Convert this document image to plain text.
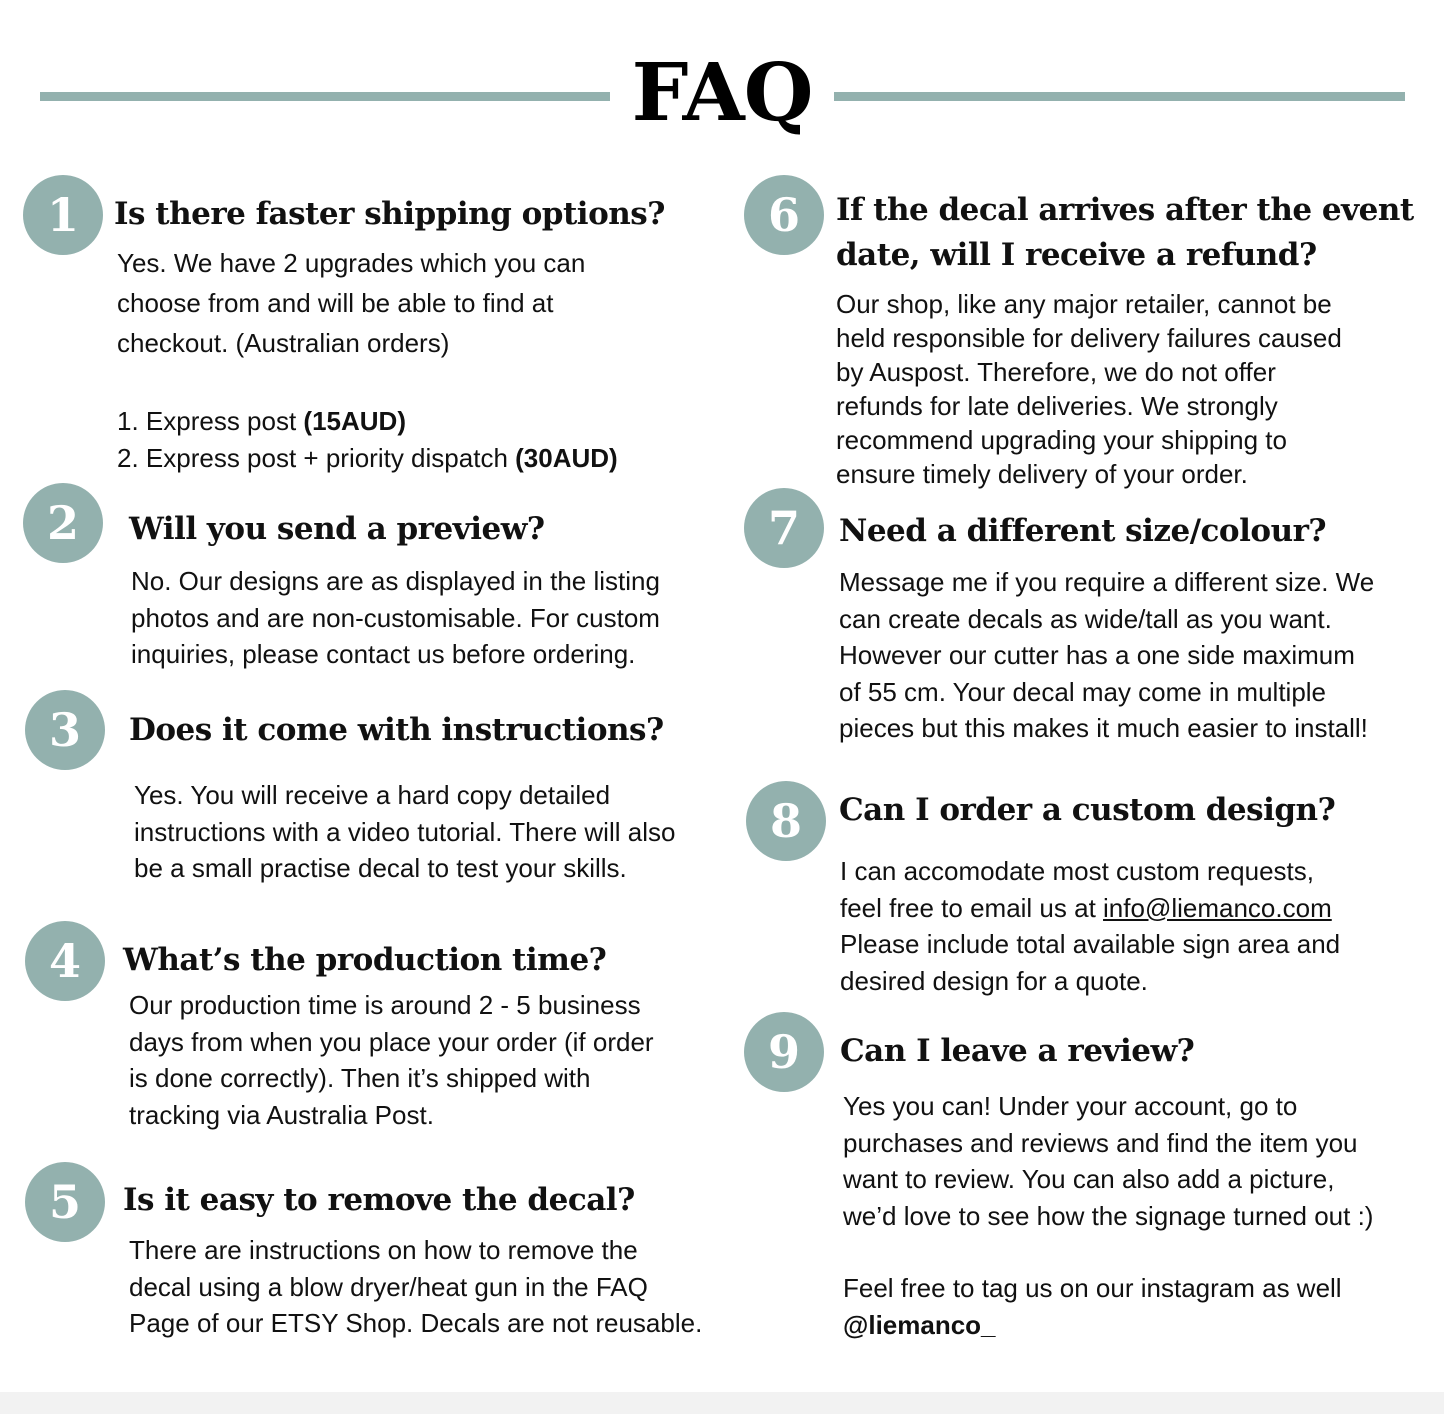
FAQ
1	Is there faster shipping options?

Yes. We have 2 upgrades which you can

choose from and will be able to find at

checkout. (Australian orders)

1. Express post (15AUD)

2. Express post + priority dispatch (30AUD)

2	Will you send a preview?

No. Our designs are as displayed in the listing

photos and are non-customisable. For custom

inquiries, please contact us before ordering.

3	Does it come with instructions?

Yes. You will receive a hard copy detailed

instructions with a video tutorial. There will also

be a small practise decal to test your skills.

4	What’s the production time?

Our production time is around 2 - 5 business

days from when you place your order (if order

is done correctly). Then it’s shipped with

tracking via Australia Post.

5	Is it easy to remove the decal?

There are instructions on how to remove the

decal using a blow dryer/heat gun in the FAQ

Page of our ETSY Shop. Decals are not reusable.

6	If the decal arrives after the event
date, will I receive a refund?

Our shop, like any major retailer, cannot be

held responsible for delivery failures caused

by Auspost. Therefore, we do not offer

refunds for late deliveries. We strongly

recommend upgrading your shipping to

ensure timely delivery of your order.

7	Need a different size/colour?

Message me if you require a different size. We

can create decals as wide/tall as you want.

However our cutter has a one side maximum

of 55 cm. Your decal may come in multiple

pieces but this makes it much easier to install!

8	Can I order a custom design?

I can accomodate most custom requests,

feel free to email us at info@liemanco.com

Please include total available sign area and

desired design for a quote.

9	Can I leave a review?

Yes you can! Under your account, go to

purchases and reviews and find the item you

want to review. You can also add a picture,

we’d love to see how the signage turned out :)

Feel free to tag us on our instagram as well

@liemanco_
